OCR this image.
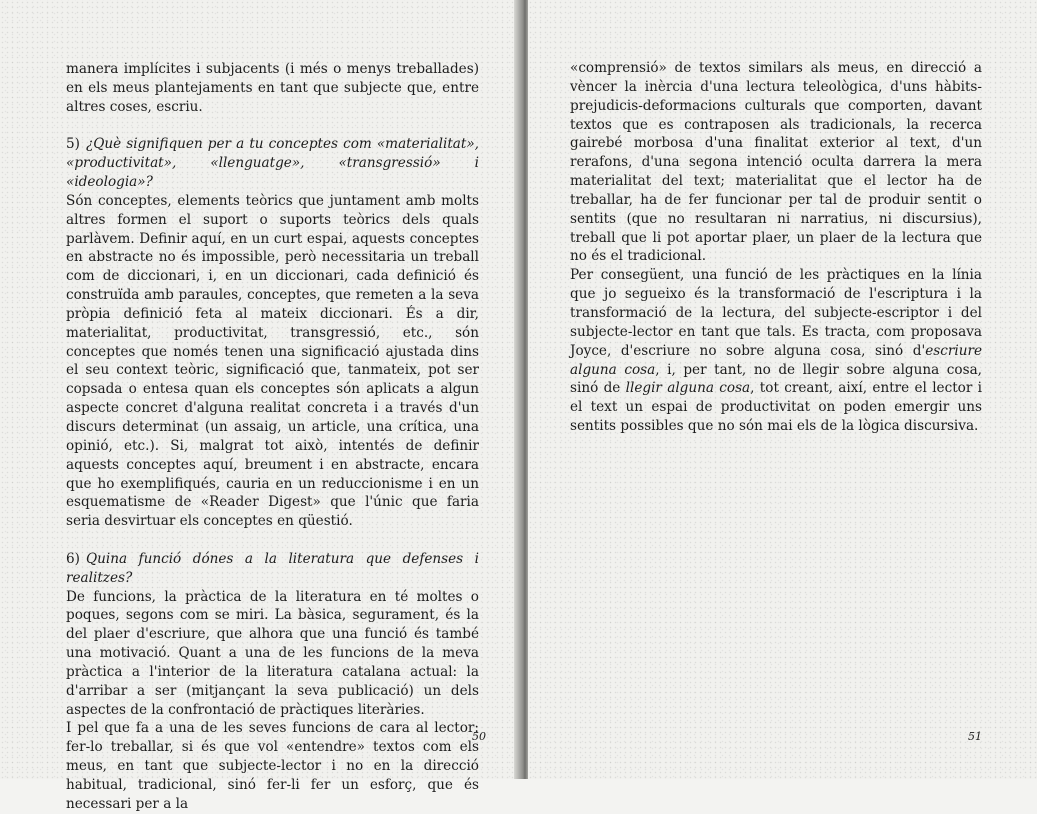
manera implícites i subjacents (i més o menys treballades) en els meus plantejaments en tant que subjecte que, entre altres coses, escriu.

5) ¿Què signifiquen per a tu conceptes com «materialitat», «productivitat», «llenguatge», «transgressió» i «ideologia»?

Són conceptes, elements teòrics que juntament amb molts altres formen el suport o suports teòrics dels quals parlàvem. Definir aquí, en un curt espai, aquests conceptes en abstracte no és impossible, però necessitaria un treball com de diccionari, i, en un diccionari, cada definició és construïda amb paraules, conceptes, que remeten a la seva pròpia definició feta al mateix diccionari. És a dir, materialitat, productivitat, transgressió, etc., són conceptes que només tenen una significació ajustada dins el seu context teòric, significació que, tanmateix, pot ser copsada o entesa quan els conceptes són aplicats a algun aspecte concret d'alguna realitat concreta i a través d'un discurs determinat (un assaig, un article, una crítica, una opinió, etc.). Si, malgrat tot això, intentés de definir aquests conceptes aquí, breument i en abstracte, encara que ho exemplifiqués, cauria en un reduccionisme i en un esquematisme de «Reader Digest» que l'únic que faria seria desvirtuar els conceptes en qüestió.

6) Quina funció dónes a la literatura que defenses i realitzes?

De funcions, la pràctica de la literatura en té moltes o poques, segons com se miri. La bàsica, segurament, és la del plaer d'escriure, que alhora que una funció és també una motivació. Quant a una de les funcions de la meva pràctica a l'interior de la literatura catalana actual: la d'arribar a ser (mitjançant la seva publicació) un dels aspectes de la confrontació de pràctiques literàries.

I pel que fa a una de les seves funcions de cara al lector: fer-lo treballar, si és que vol «entendre» textos com els meus, en tant que subjecte-lector i no en la direcció habitual, tradicional, sinó fer-li fer un esforç, que és necessari per a la

50

«comprensió» de textos similars als meus, en direcció a vèncer la inèrcia d'una lectura teleològica, d'uns hàbits-prejudicis-deformacions culturals que comporten, davant textos que es contraposen als tradicionals, la recerca gairebé morbosa d'una finalitat exterior al text, d'un rerafons, d'una segona intenció oculta darrera la mera materialitat del text; materialitat que el lector ha de treballar, ha de fer funcionar per tal de produir sentit o sentits (que no resultaran ni narratius, ni discursius), treball que li pot aportar plaer, un plaer de la lectura que no és el tradicional.

Per consegüent, una funció de les pràctiques en la línia que jo segueixo és la transformació de l'escriptura i la transformació de la lectura, del subjecte-escriptor i del subjecte-lector en tant que tals. Es tracta, com proposava Joyce, d'escriure no sobre alguna cosa, sinó d'escriure alguna cosa, i, per tant, no de llegir sobre alguna cosa, sinó de llegir alguna cosa, tot creant, així, entre el lector i el text un espai de productivitat on poden emergir uns sentits possibles que no són mai els de la lògica discursiva.

51
